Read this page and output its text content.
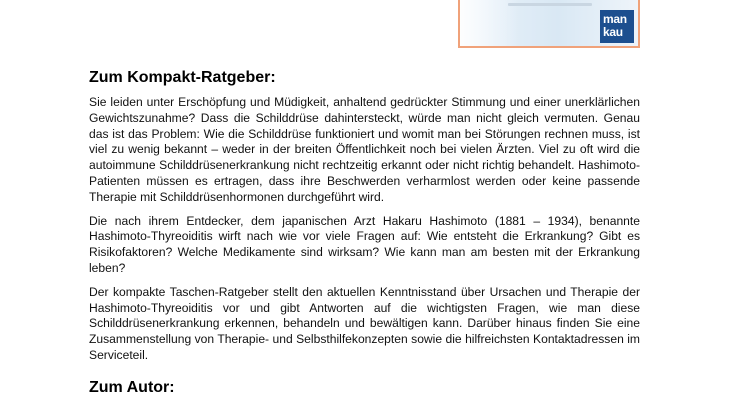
man
kau
Zum Kompakt-Ratgeber:

Sie leiden unter Erschöpfung und Müdigkeit, anhaltend gedrückter Stimmung und einer unerklärlichen Gewichtszunahme? Dass die Schilddrüse dahintersteckt, würde man nicht gleich vermuten. Genau das ist das Problem: Wie die Schilddrüse funktioniert und womit man bei Störungen rechnen muss, ist viel zu wenig bekannt – weder in der breiten Öffentlichkeit noch bei vielen Ärzten. Viel zu oft wird die autoimmune Schilddrüsenerkrankung nicht rechtzeitig erkannt oder nicht richtig behandelt. Hashimoto-Patienten müssen es ertragen, dass ihre Beschwerden verharmlost werden oder keine passende Therapie mit Schilddrüsenhormonen durchgeführt wird.

Die nach ihrem Entdecker, dem japanischen Arzt Hakaru Hashimoto (1881 – 1934), benannte Hashimoto-Thyreoiditis wirft nach wie vor viele Fragen auf: Wie entsteht die Erkrankung? Gibt es Risikofaktoren? Welche Medikamente sind wirksam? Wie kann man am besten mit der Erkrankung leben?

Der kompakte Taschen-Ratgeber stellt den aktuellen Kenntnisstand über Ursachen und Therapie der Hashimoto-Thyreoiditis vor und gibt Antworten auf die wichtigsten Fragen, wie man diese Schilddrüsenerkrankung erkennen, behandeln und bewältigen kann. Darüber hinaus finden Sie eine Zusammenstellung von Therapie- und Selbsthilfekonzepten sowie die hilfreichsten Kontaktadressen im Serviceteil.

Zum Autor:
